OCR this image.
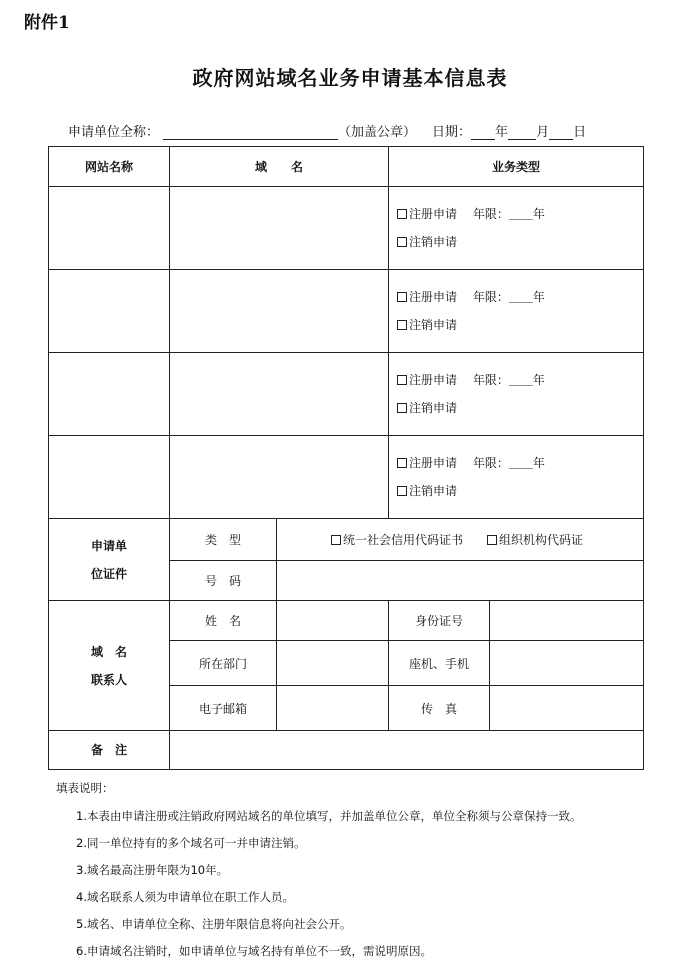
附件1
政府网站域名业务申请基本信息表
申请单位全称：	（加盖公章） 日期： 年 月 日
网站名称	域　　名		业务类型	

			注册申请　 年限：＿＿年
注销申请	

			注册申请　 年限：＿＿年
注销申请	

			注册申请　 年限：＿＿年
注销申请	

			注册申请　 年限：＿＿年
注销申请	

申请单
位证件	类　型	统一社会信用代码证书　　 组织机构代码证		
	号　码			

域　名
联系人	姓　名		身份证号	
	所在部门		座机、手机	
	电子邮箱		传　真	
备　注				
填表说明：
1.本表由申请注册或注销政府网站域名的单位填写，并加盖单位公章，单位全称须与公章保持一致。
2.同一单位持有的多个域名可一并申请注销。
3.域名最高注册年限为10年。
4.域名联系人须为申请单位在职工作人员。
5.域名、申请单位全称、注册年限信息将向社会公开。
6.申请域名注销时，如申请单位与域名持有单位不一致，需说明原因。
